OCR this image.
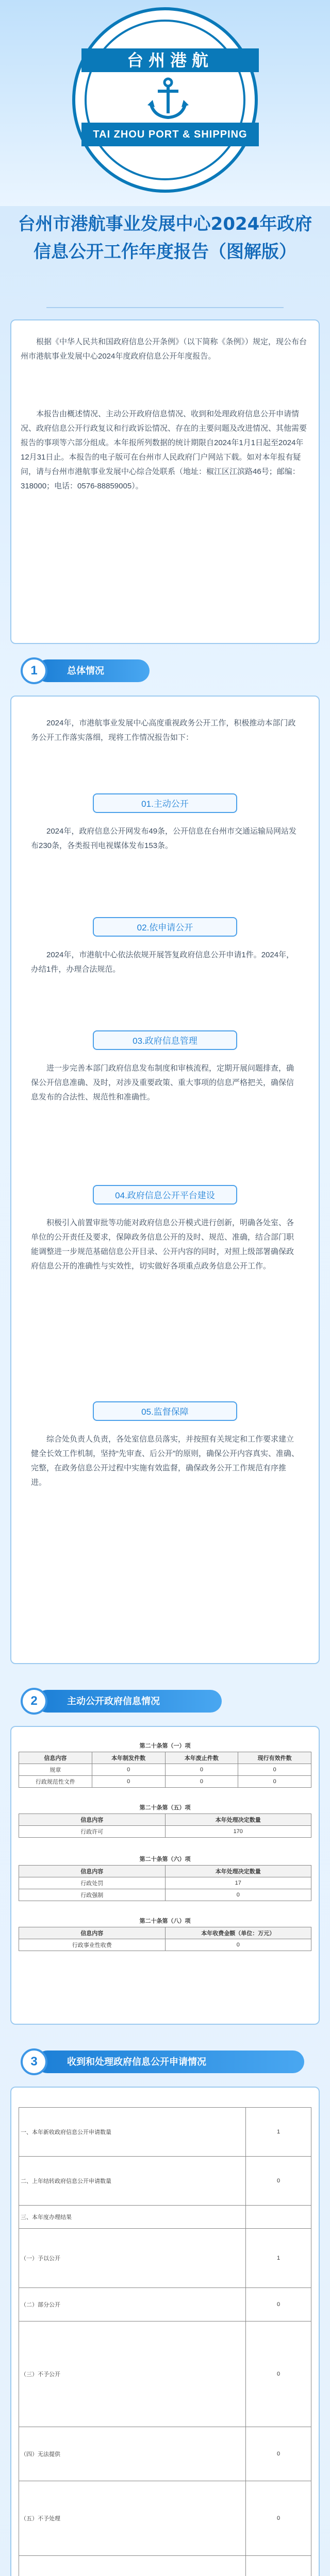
台州港航
TAI ZHOU PORT & SHIPPING
台州市港航事业发展中心2024年政府信息公开工作年度报告（图解版）

根据《中华人民共和国政府信息公开条例》（以下简称《条例》）规定，现公布台州市港航事业发展中心2024年度政府信息公开年度报告。

本报告由概述情况、主动公开政府信息情况、收到和处理政府信息公开申请情况、政府信息公开行政复议和行政诉讼情况、存在的主要问题及改进情况、其他需要报告的事项等六部分组成。本年报所列数据的统计期限自2024年1月1日起至2024年12月31日止。本报告的电子版可在台州市人民政府门户网站下载。如对本年报有疑问，请与台州市港航事业发展中心综合处联系（地址：椒江区江滨路46号；邮编：318000；电话：0576-88859005）。

1	总体情况

2024年，市港航事业发展中心高度重视政务公开工作，积极推动本部门政务公开工作落实落细，现将工作情况报告如下：

01.主动公开

2024年，政府信息公开网发布49条，公开信息在台州市交通运输局网站发布230条，各类报刊电视媒体发布153条。

02.依申请公开

2024年，市港航中心依法依规开展答复政府信息公开申请1件。2024年，办结1件，办理合法规范。

03.政府信息管理

进一步完善本部门政府信息发布制度和审核流程，定期开展问题排查，确保公开信息准确、及时，对涉及重要政策、重大事项的信息严格把关，确保信息发布的合法性、规范性和准确性。

04.政府信息公开平台建设

积极引入前置审批等功能对政府信息公开模式进行创新，明确各处室、各单位的公开责任及要求，保障政务信息公开的及时、规范、准确，结合部门职能调整进一步规范基础信息公开目录、公开内容的同时，对照上级部署确保政府信息公开的准确性与实效性，切实做好各项重点政务信息公开工作。

05.监督保障

综合处负责人负责，各处室信息员落实，并按照有关规定和工作要求建立健全长效工作机制，坚持“先审查、后公开”的原则，确保公开内容真实、准确、完整，在政务信息公开过程中实施有效监督，确保政务公开工作规范有序推进。

2	主动公开政府信息情况
第二十条第（一）项
信息内容	本年制发件数	本年废止件数	现行有效件数
规章	0	0	0
行政规范性文件	0	0	0
第二十条第（五）项
信息内容	本年处理决定数量
行政许可	170
第二十条第（六）项
信息内容	本年处理决定数量
行政处罚	17
行政强制	0
第二十条第（八）项
信息内容	本年收费金额（单位：万元）
行政事业性收费	0
3	收到和处理政府信息公开申请情况
一、本年新收政府信息公开申请数量	1
二、上年结转政府信息公开申请数量	0
三、本年度办理结果	
（一）予以公开	1
（二）部分公开	0
（三）不予公开	0
（四）无法提供	0
（五）不予处理	0
